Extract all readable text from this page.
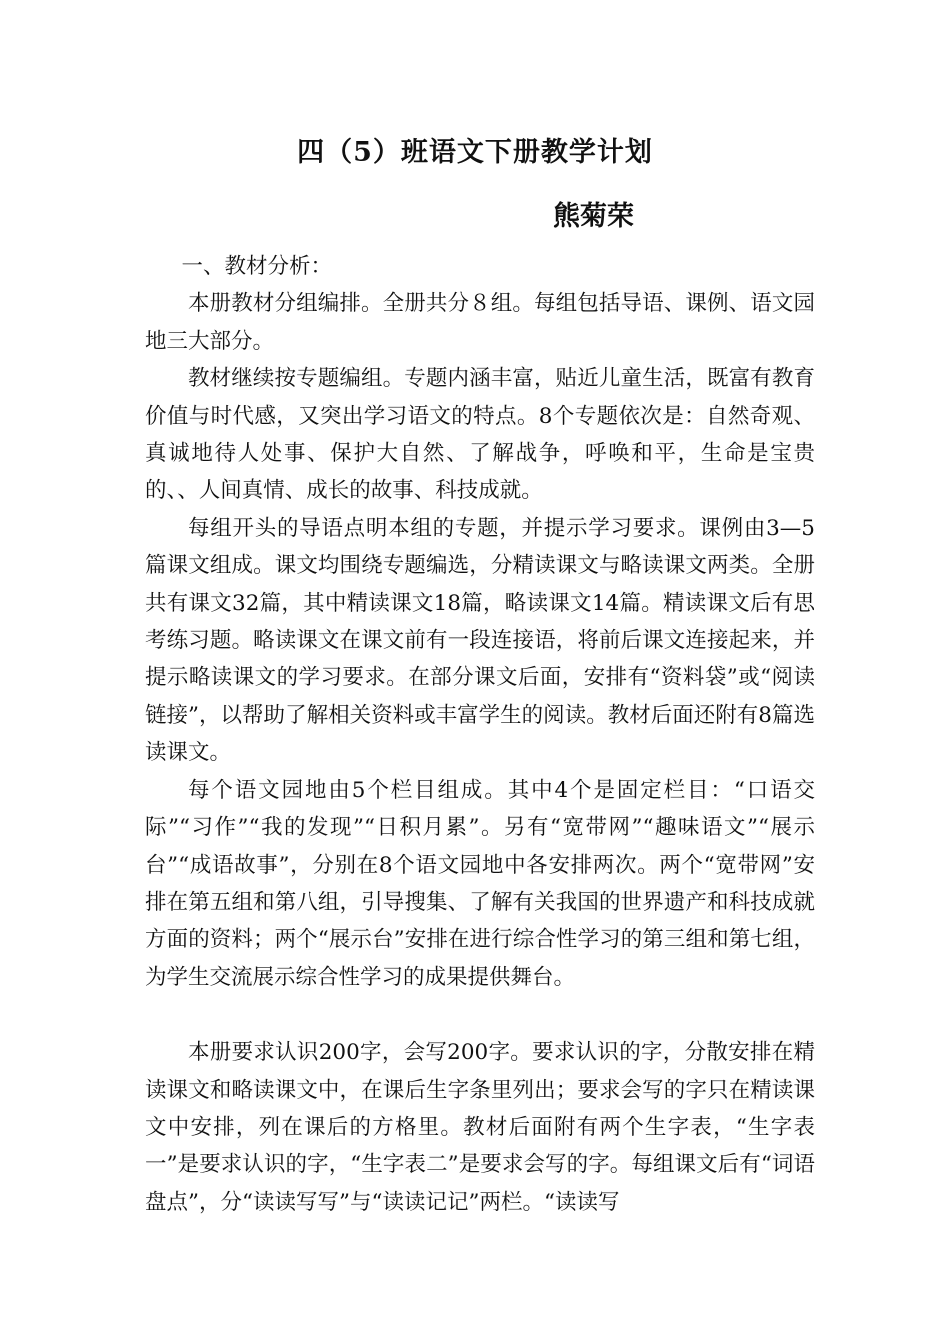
四（5）班语文下册教学计划
熊菊荣

一、教材分析：

本册教材分组编排。全册共分８组。每组包括导语、课例、语文园地三大部分。

教材继续按专题编组。专题内涵丰富，贴近儿童生活，既富有教育价值与时代感，又突出学习语文的特点。8个专题依次是：自然奇观、真诚地待人处事、保护大自然、了解战争，呼唤和平，生命是宝贵的、、人间真情、成长的故事、科技成就。

每组开头的导语点明本组的专题，并提示学习要求。课例由3—5篇课文组成。课文均围绕专题编选，分精读课文与略读课文两类。全册共有课文32篇，其中精读课文18篇，略读课文14篇。精读课文后有思考练习题。略读课文在课文前有一段连接语，将前后课文连接起来，并提示略读课文的学习要求。在部分课文后面，安排有“资料袋”或“阅读链接”，以帮助了解相关资料或丰富学生的阅读。教材后面还附有8篇选读课文。

每个语文园地由5个栏目组成。其中4个是固定栏目：“口语交际”“习作”“我的发现”“日积月累”。另有“宽带网”“趣味语文”“展示台”“成语故事”，分别在8个语文园地中各安排两次。两个“宽带网”安排在第五组和第八组，引导搜集、了解有关我国的世界遗产和科技成就方面的资料；两个“展示台”安排在进行综合性学习的第三组和第七组，为学生交流展示综合性学习的成果提供舞台。

本册要求认识200字，会写200字。要求认识的字，分散安排在精读课文和略读课文中，在课后生字条里列出；要求会写的字只在精读课文中安排，列在课后的方格里。教材后面附有两个生字表，“生字表一”是要求认识的字，“生字表二”是要求会写的字。每组课文后有“词语盘点”，分“读读写写”与“读读记记”两栏。“读读写
